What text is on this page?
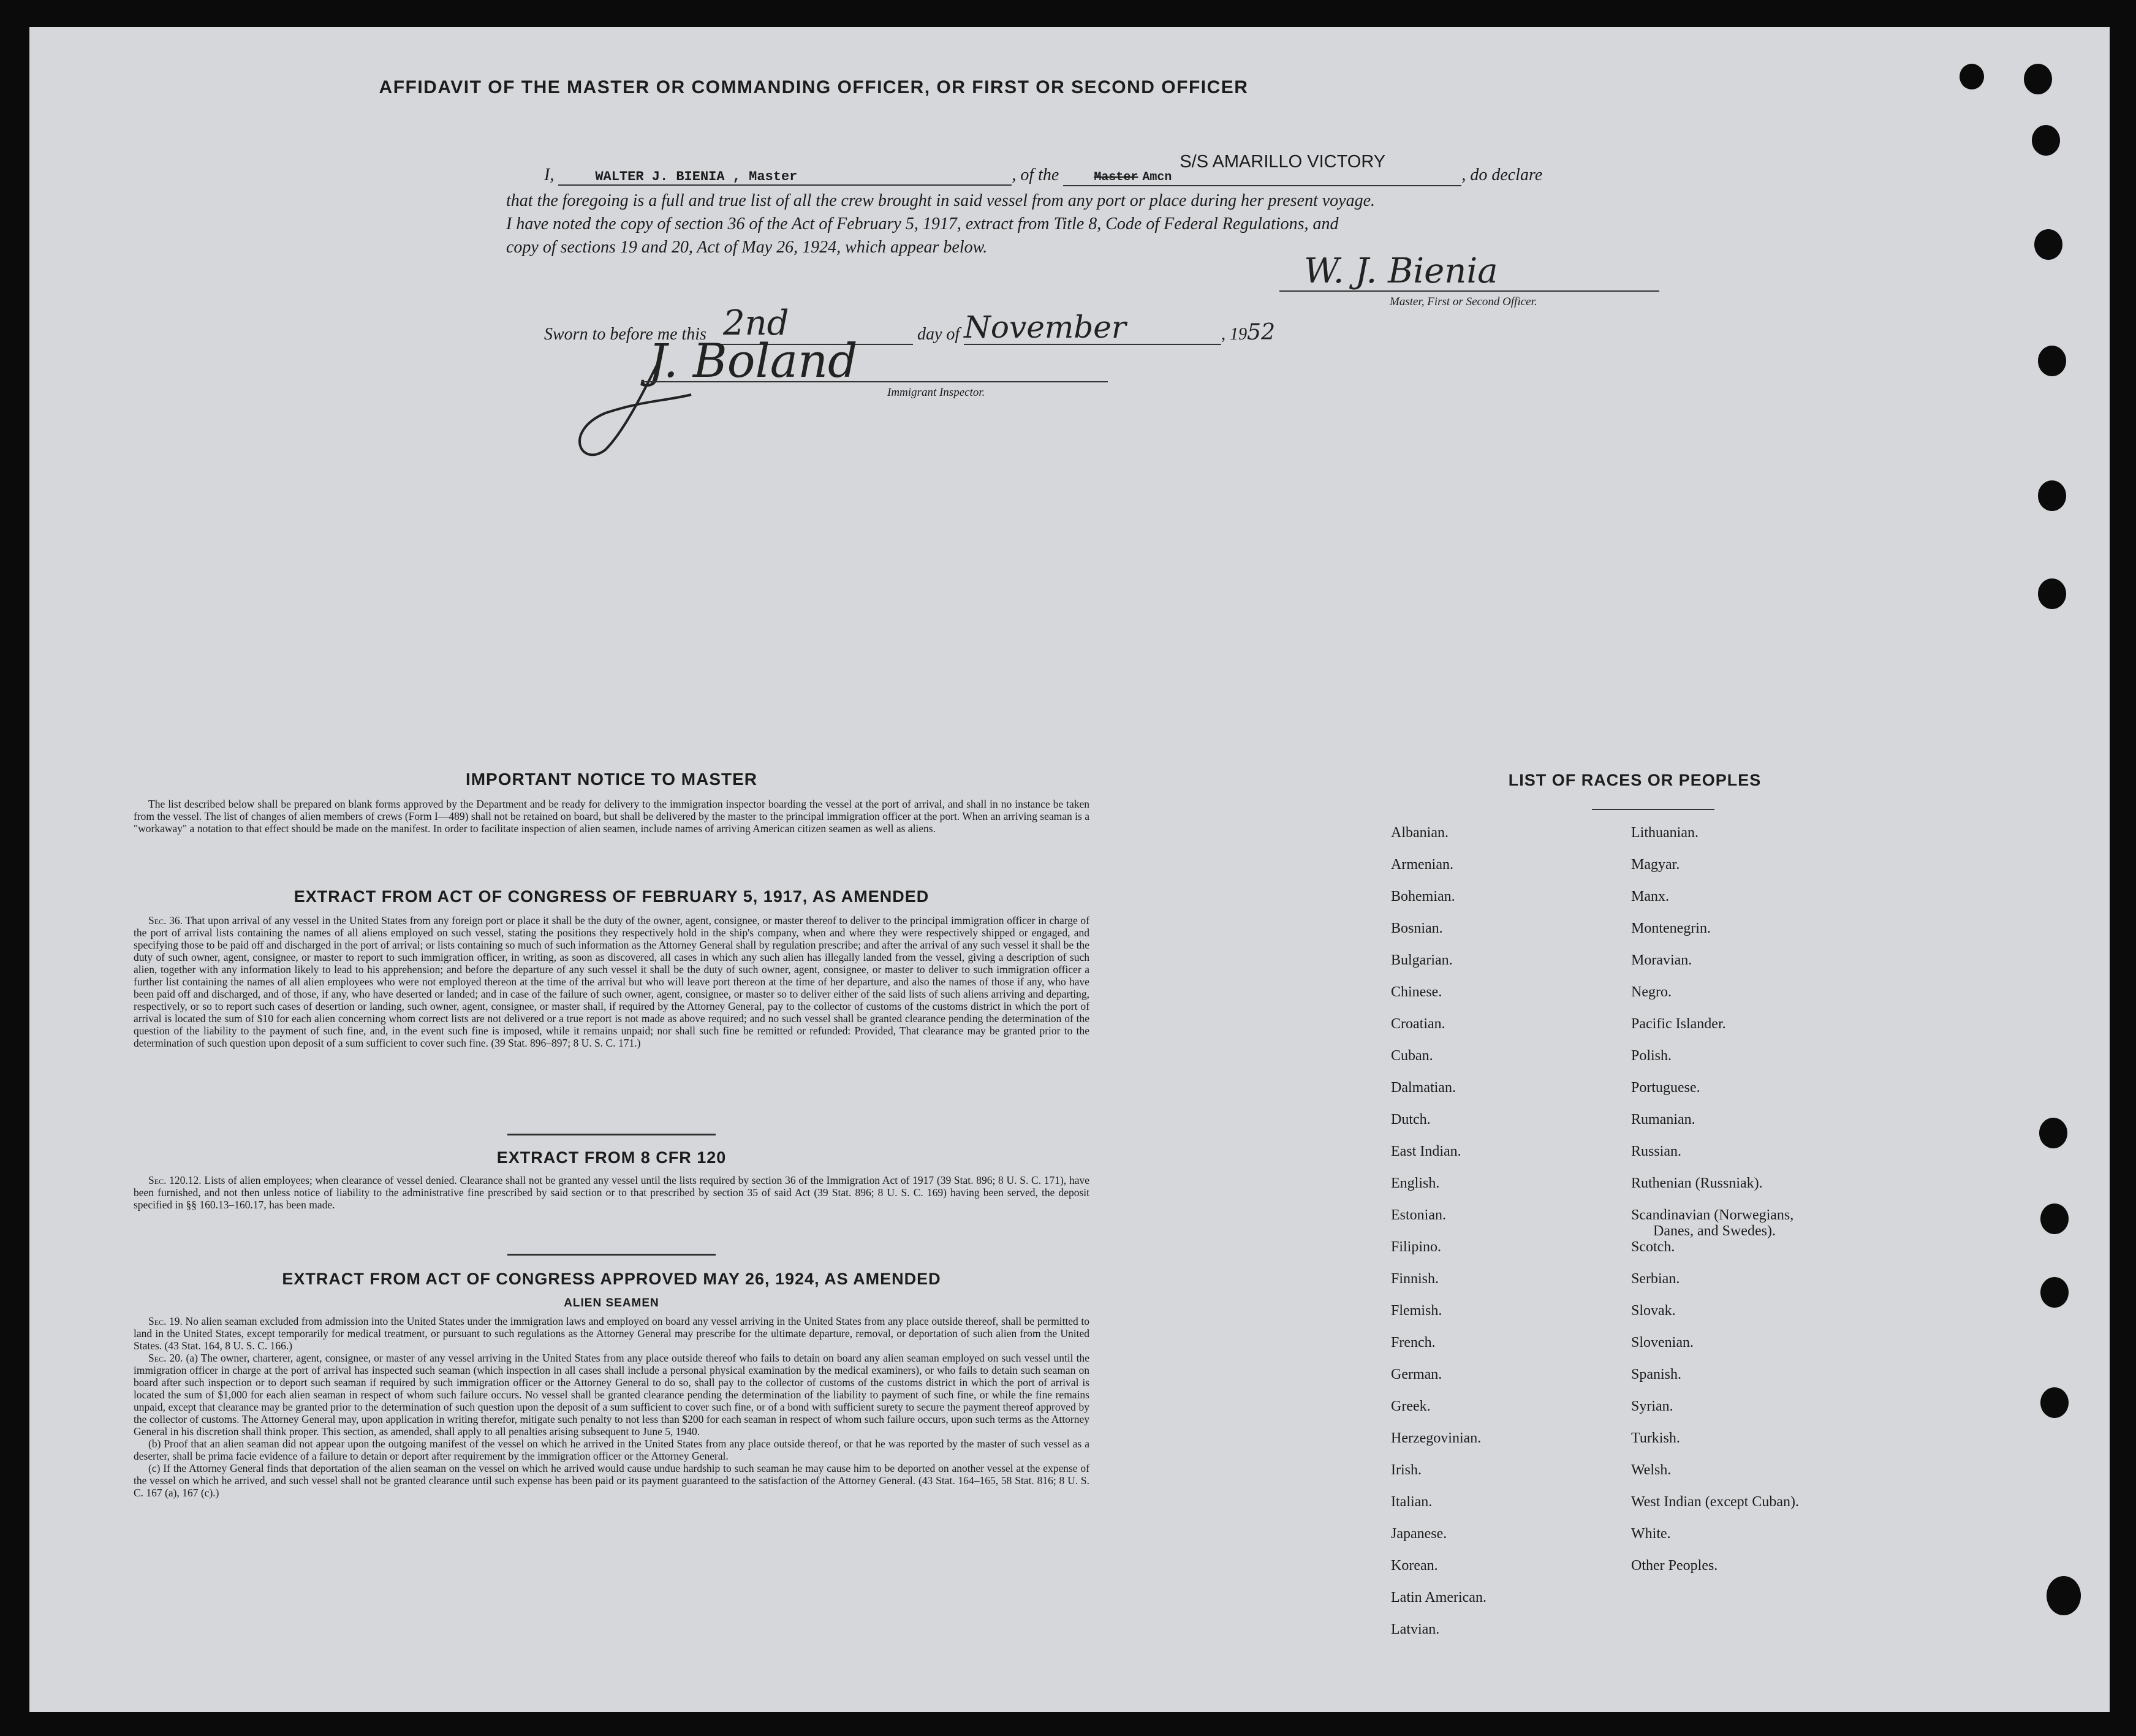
AFFIDAVIT OF THE MASTER OR COMMANDING OFFICER, OR FIRST OR SECOND OFFICER
I,	WALTER J. BIENIA , Master	, of the	Master Amcn
S/S AMARILLO VICTORY
, do declare
that the foregoing is a full and true list of all the crew brought in said vessel from any port or place during her present voyage.
I have noted the copy of section 36 of the Act of February 5, 1917, extract from Title 8, Code of Federal Regulations, and
copy of sections 19 and 20, Act of May 26, 1924, which appear below.
W. J. Bienia
Master, First or Second Officer.
Sworn to before me this 2nd	day of November	, 1952
J. Boland
Immigrant Inspector.
IMPORTANT NOTICE TO MASTER

The list described below shall be prepared on blank forms approved by the Department and be ready for delivery to the immigration inspector boarding the vessel at the port of arrival, and shall in no instance be taken from the vessel. The list of changes of alien members of crews (Form I—489) shall not be retained on board, but shall be delivered by the master to the principal immigration officer at the port. When an arriving seaman is a "workaway" a notation to that effect should be made on the manifest. In order to facilitate inspection of alien seamen, include names of arriving American citizen seamen as well as aliens.

EXTRACT FROM ACT OF CONGRESS OF FEBRUARY 5, 1917, AS AMENDED

Sec. 36. That upon arrival of any vessel in the United States from any foreign port or place it shall be the duty of the owner, agent, consignee, or master thereof to deliver to the principal immigration officer in charge of the port of arrival lists containing the names of all aliens employed on such vessel, stating the positions they respectively hold in the ship's company, when and where they were respectively shipped or engaged, and specifying those to be paid off and discharged in the port of arrival; or lists containing so much of such information as the Attorney General shall by regulation prescribe; and after the arrival of any such vessel it shall be the duty of such owner, agent, consignee, or master to report to such immigration officer, in writing, as soon as discovered, all cases in which any such alien has illegally landed from the vessel, giving a description of such alien, together with any information likely to lead to his apprehension; and before the departure of any such vessel it shall be the duty of such owner, agent, consignee, or master to deliver to such immigration officer a further list containing the names of all alien employees who were not employed thereon at the time of the arrival but who will leave port thereon at the time of her departure, and also the names of those if any, who have been paid off and discharged, and of those, if any, who have deserted or landed; and in case of the failure of such owner, agent, consignee, or master so to deliver either of the said lists of such aliens arriving and departing, respectively, or so to report such cases of desertion or landing, such owner, agent, consignee, or master shall, if required by the Attorney General, pay to the collector of customs of the customs district in which the port of arrival is located the sum of $10 for each alien concerning whom correct lists are not delivered or a true report is not made as above required; and no such vessel shall be granted clearance pending the determination of the question of the liability to the payment of such fine, and, in the event such fine is imposed, while it remains unpaid; nor shall such fine be remitted or refunded: Provided, That clearance may be granted prior to the determination of such question upon deposit of a sum sufficient to cover such fine. (39 Stat. 896–897; 8 U. S. C. 171.)

EXTRACT FROM 8 CFR 120

Sec. 120.12. Lists of alien employees; when clearance of vessel denied. Clearance shall not be granted any vessel until the lists required by section 36 of the Immigration Act of 1917 (39 Stat. 896; 8 U. S. C. 171), have been furnished, and not then unless notice of liability to the administrative fine prescribed by said section or to that prescribed by section 35 of said Act (39 Stat. 896; 8 U. S. C. 169) having been served, the deposit specified in §§ 160.13–160.17, has been made.

EXTRACT FROM ACT OF CONGRESS APPROVED MAY 26, 1924, AS AMENDED
ALIEN SEAMEN

Sec. 19. No alien seaman excluded from admission into the United States under the immigration laws and employed on board any vessel arriving in the United States from any place outside thereof, shall be permitted to land in the United States, except temporarily for medical treatment, or pursuant to such regulations as the Attorney General may prescribe for the ultimate departure, removal, or deportation of such alien from the United States. (43 Stat. 164, 8 U. S. C. 166.)

Sec. 20. (a) The owner, charterer, agent, consignee, or master of any vessel arriving in the United States from any place outside thereof who fails to detain on board any alien seaman employed on such vessel until the immigration officer in charge at the port of arrival has inspected such seaman (which inspection in all cases shall include a personal physical examination by the medical examiners), or who fails to detain such seaman on board after such inspection or to deport such seaman if required by such immigration officer or the Attorney General to do so, shall pay to the collector of customs of the customs district in which the port of arrival is located the sum of $1,000 for each alien seaman in respect of whom such failure occurs. No vessel shall be granted clearance pending the determination of the liability to payment of such fine, or while the fine remains unpaid, except that clearance may be granted prior to the determination of such question upon the deposit of a sum sufficient to cover such fine, or of a bond with sufficient surety to secure the payment thereof approved by the collector of customs. The Attorney General may, upon application in writing therefor, mitigate such penalty to not less than $200 for each seaman in respect of whom such failure occurs, upon such terms as the Attorney General in his discretion shall think proper. This section, as amended, shall apply to all penalties arising subsequent to June 5, 1940.

(b) Proof that an alien seaman did not appear upon the outgoing manifest of the vessel on which he arrived in the United States from any place outside thereof, or that he was reported by the master of such vessel as a deserter, shall be prima facie evidence of a failure to detain or deport after requirement by the immigration officer or the Attorney General.

(c) If the Attorney General finds that deportation of the alien seaman on the vessel on which he arrived would cause undue hardship to such seaman he may cause him to be deported on another vessel at the expense of the vessel on which he arrived, and such vessel shall not be granted clearance until such expense has been paid or its payment guaranteed to the satisfaction of the Attorney General. (43 Stat. 164–165, 58 Stat. 816; 8 U. S. C. 167 (a), 167 (c).)

LIST OF RACES OR PEOPLES
Albanian.
Armenian.
Bohemian.
Bosnian.
Bulgarian.
Chinese.
Croatian.
Cuban.
Dalmatian.
Dutch.
East Indian.
English.
Estonian.
Filipino.
Finnish.
Flemish.
French.
German.
Greek.
Herzegovinian.
Irish.
Italian.
Japanese.
Korean.
Latin American.
Latvian.
Lithuanian.
Magyar.
Manx.
Montenegrin.
Moravian.
Negro.
Pacific Islander.
Polish.
Portuguese.
Rumanian.
Russian.
Ruthenian (Russniak).
Scandinavian (Norwegians,
Danes, and Swedes).
Scotch.
Serbian.
Slovak.
Slovenian.
Spanish.
Syrian.
Turkish.
Welsh.
West Indian (except Cuban).
White.
Other Peoples.
